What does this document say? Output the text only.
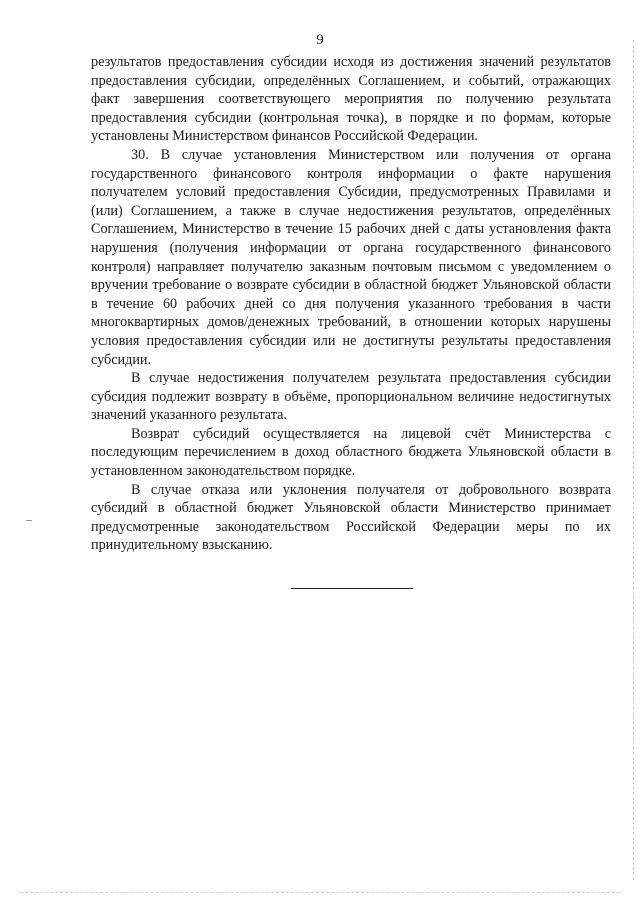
9

результатов предоставления субсидии исходя из достижения значений результатов предоставления субсидии, определённых Соглашением, и событий, отражающих факт завершения соответствующего мероприятия по получению результата предоставления субсидии (контрольная точка), в порядке и по формам, которые установлены Министерством финансов Российской Федерации.

30. В случае установления Министерством или получения от органа государственного финансового контроля информации о факте нарушения получателем условий предоставления Субсидии, предусмотренных Правилами и (или) Соглашением, а также в случае недостижения результатов, определённых Соглашением, Министерство в течение 15 рабочих дней с даты установления факта нарушения (получения информации от органа государственного финансового контроля) направляет получателю заказным почтовым письмом с уведомлением о вручении требование о возврате субсидии в областной бюджет Ульяновской области в течение 60 рабочих дней со дня получения указанного требования в части многоквартирных домов/денежных требований, в отношении которых нарушены условия предоставления субсидии или не достигнуты результаты предоставления субсидии.

В случае недостижения получателем результата предоставления субсидии субсидия подлежит возврату в объёме, пропорциональном величине недостигнутых значений указанного результата.

Возврат субсидий осуществляется на лицевой счёт Министерства с последующим перечислением в доход областного бюджета Ульяновской области в установленном законодательством порядке.

В случае отказа или уклонения получателя от добровольного возврата субсидий в областной бюджет Ульяновской области Министерство принимает предусмотренные законодательством Российской Федерации меры по их принудительному взысканию.
